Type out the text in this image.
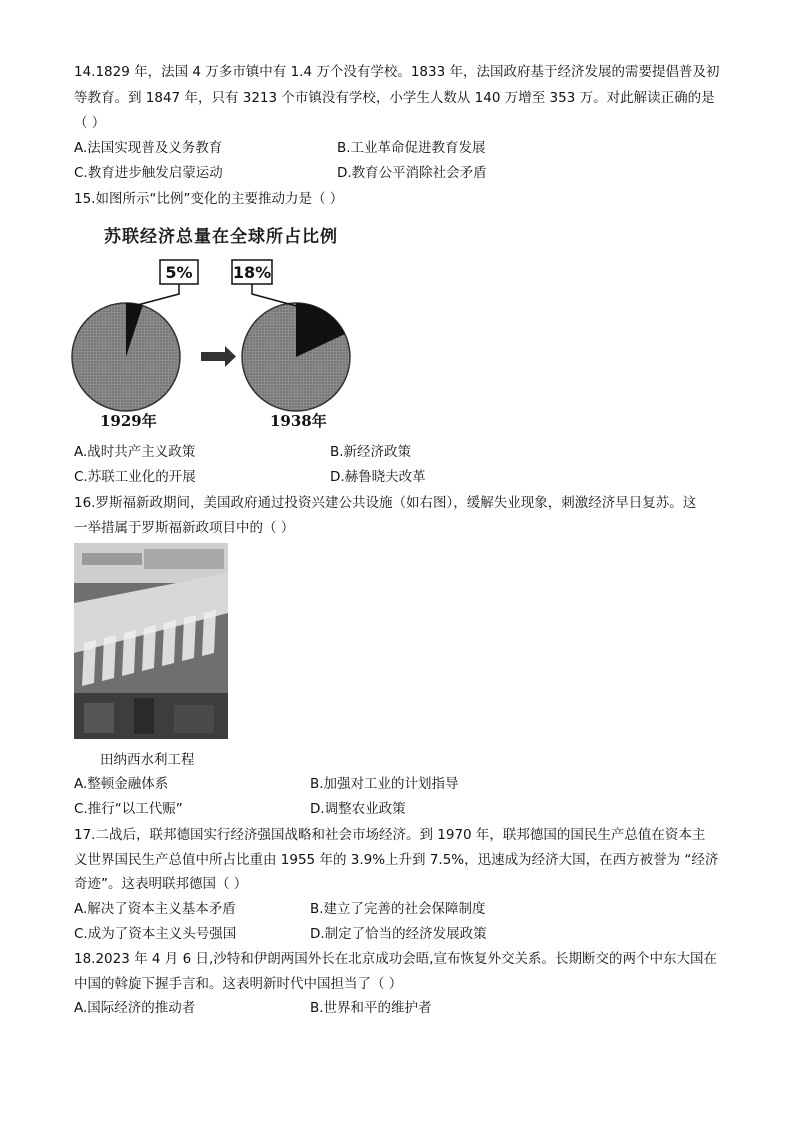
14.1829 年，法国 4 万多市镇中有 1.4 万个没有学校。1833 年，法国政府基于经济发展的需要提倡普及初
等教育。到 1847 年，只有 3213 个市镇没有学校，小学生人数从 140 万增至 353 万。对此解读正确的是
（ ）
A.法国实现普及义务教育	B.工业革命促进教育发展
C.教育进步触发启蒙运动	D.教育公平消除社会矛盾
15.如图所示“比例”变化的主要推动力是（ ）
苏联经济总量在全球所占比例
5%
1929年
18%
1938年
A.战时共产主义政策	B.新经济政策
C.苏联工业化的开展	D.赫鲁晓夫改革
16.罗斯福新政期间，美国政府通过投资兴建公共设施（如右图），缓解失业现象，刺激经济早日复苏。这
一举措属于罗斯福新政项目中的（ ）
田纳西水利工程
A.整顿金融体系	B.加强对工业的计划指导
C.推行“以工代赈”	D.调整农业政策
17.二战后，联邦德国实行经济强国战略和社会市场经济。到 1970 年，联邦德国的国民生产总值在资本主
义世界国民生产总值中所占比重由 1955 年的 3.9%上升到 7.5%，迅速成为经济大国，在西方被誉为 “经济
奇迹”。这表明联邦德国（ ）
A.解决了资本主义基本矛盾	B.建立了完善的社会保障制度
C.成为了资本主义头号强国	D.制定了恰当的经济发展政策
18.2023 年 4 月 6 日,沙特和伊朗两国外长在北京成功会晤,宣布恢复外交关系。长期断交的两个中东大国在
中国的斡旋下握手言和。这表明新时代中国担当了（ ）
A.国际经济的推动者	B.世界和平的维护者
